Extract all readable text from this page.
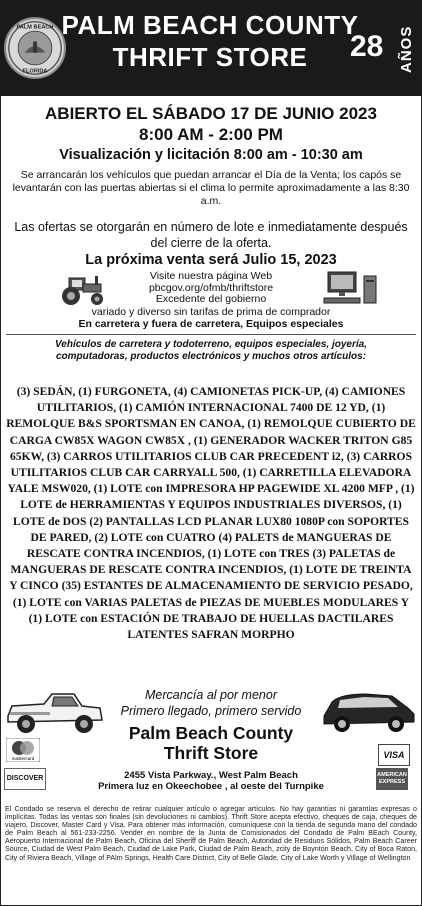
PALM BEACH
FLORIDA
PALM BEACH COUNTY
THRIFT STORE	28 AÑOS
ABIERTO EL SÁBADO 17 DE JUNIO 2023
8:00 AM - 2:00 PM
Visualización y licitación 8:00 am - 10:30 am
Se arrancarán los vehículos que puedan arrancar el Día de la Venta; los capós se levantarán con las puertas abiertas si el clima lo permite aproximadamente a las 8:30 a.m.
Las ofertas se otorgarán en número de lote e inmediatamente después del cierre de la oferta.
La próxima venta será Julio 15, 2023
Visite nuestra página Web
pbcgov.org/ofmb/thriftstore
Excedente del gobierno
variado y diverso sin tarifas de prima de comprador
En carretera y fuera de carretera, Equipos especiales
Vehículos de carretera y todoterreno, equipos especiales, joyería, computadoras, productos electrónicos y muchos otros artículos:
(3) SEDÁN, (1) FURGONETA, (4) CAMIONETAS PICK-UP, (4) CAMIONES UTILITARIOS, (1) CAMIÓN INTERNACIONAL 7400 DE 12 YD, (1) REMOLQUE B&S SPORTSMAN EN CANOA, (1) REMOLQUE CUBIERTO DE CARGA CW85X WAGON CW85X , (1) GENERADOR WACKER TRITON G85 65KW, (3) CARROS UTILITARIOS CLUB CAR PRECEDENT i2, (3) CARROS UTILITARIOS CLUB CAR CARRYALL 500, (1) CARRETILLA ELEVADORA YALE MSW020, (1) LOTE con IMPRESORA HP PAGEWIDE XL 4200 MFP , (1) LOTE de HERRAMIENTAS Y EQUIPOS INDUSTRIALES DIVERSOS, (1) LOTE de DOS (2) PANTALLAS LCD PLANAR LUX80 1080P con SOPORTES DE PARED, (2) LOTE con CUATRO (4) PALETS de MANGUERAS DE RESCATE CONTRA INCENDIOS, (1) LOTE con TRES (3) PALETAS de MANGUERAS DE RESCATE CONTRA INCENDIOS, (1) LOTE DE TREINTA Y CINCO (35) ESTANTES DE ALMACENAMIENTO DE SERVICIO PESADO, (1) LOTE con VARIAS PALETAS de PIEZAS DE MUEBLES MODULARES Y (1) LOTE con ESTACIÓN DE TRABAJO DE HUELLAS DACTILARES LATENTES SAFRAN MORPHO
Mercancía al por menor
Primero llegado, primero servido
Palm Beach County
Thrift Store
mastercard
DISCOVER
VISA
AMERICAN
EXPRESS
2455 Vista Parkway., West Palm Beach
Primera luz en Okeechobee , al oeste del Turnpike
El Condado se reserva el derecho de retirar cualquier artículo o agregar artículos. No hay garantías ni garantías expresas o implícitas. Todas las ventas son finales (sin devoluciones ni cambios). Thrift Store acepta efectivo, cheques de caja, cheques de viajero, Discover, Master Card y Visa. Para obtener más información, comuníquese con la tienda de segunda mano del condado de Palm Beach al 561-233-2256. Vender en nombre de la Junta de Comisionados del Condado de Palm BEach County, Aeropuerto Internacional de Palm Beach, Oficina del Sheriff de Palm Beach, Autoridad de Residuos Sólidos, Palm Beach Career Source, Ciudad de West Palm Beach, Ciudad de Lake Park, Ciudad de Palm Beach, zcity de Boynton Beach, City of Boca Raton, City of Riviera Beach, Village of PAlm Springs, Health Care District, City of Belle Glade, City of Lake Worth y Village of Wellington
